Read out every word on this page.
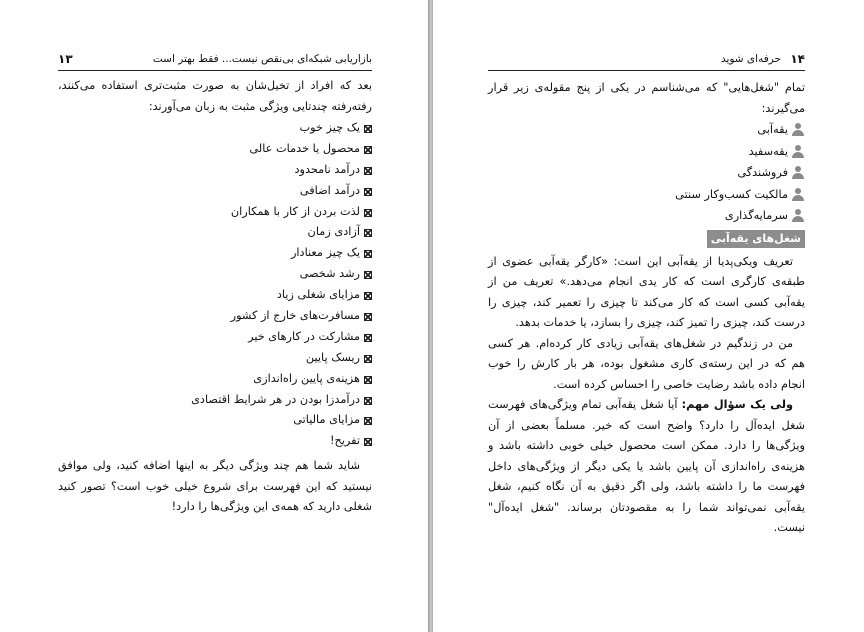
۱۳	بازاریابی شبکه‌ای بی‌نقص نیست... فقط بهتر است

بعد که افراد از تخیل‌شان به صورت مثبت‌تری استفاده می‌کنند، رفته‌رفته چندتایی ویژگی مثبت به زبان می‌آورند:

یک چیز خوب
محصول یا خدمات عالی
درآمد نامحدود
درآمد اضافی
لذت بردن از کار با همکاران
آزادی زمان
یک چیز معنادار
رشد شخصی
مزایای شغلی زیاد
مسافرت‌های خارج از کشور
مشارکت در کارهای خیر
ریسک پایین
هزینه‌ی پایین راه‌اندازی
درآمدزا بودن در هر شرایط اقتصادی
مزایای مالیاتی
تفریح!

شاید شما هم چند ویژگی دیگر به اینها اضافه کنید، ولی موافق نیستید که این فهرست برای شروع خیلی خوب است؟ تصور کنید شغلی دارید که همه‌ی این ویژگی‌ها را دارد!

۱۴
حرفه‌ای شوید

تمام "شغل‌هایی" که می‌شناسم در یکی از پنج مقوله‌ی زیر قرار می‌گیرند:

یقه‌آبی
یقه‌سفید
فروشندگی
مالکیت کسب‌وکار سنتی
سرمایه‌گذاری
شغل‌های یقه‌آبی

تعریف ویکی‌پدیا از یقه‌آبی این است: «کارگر یقه‌آبی عضوی از طبقه‌ی کارگری است که کار یدی انجام می‌دهد.» تعریف من از یقه‌آبی کسی است که کار می‌کند تا چیزی را تعمیر کند، چیزی را درست کند، چیزی را تمیز کند، چیزی را بسازد، یا خدمات بدهد.

من در زندگیم در شغل‌های یقه‌آبی زیادی کار کرده‌ام. هر کسی هم که در این رسته‌ی کاری مشغول بوده، هر بار کارش را خوب انجام داده باشد رضایت خاصی را احساس کرده است.

ولی یک سؤال مهم: آیا شغل یقه‌آبی تمام ویژگی‌های فهرست شغل ایده‌آل را دارد؟ واضح است که خیر. مسلماً بعضی از آن ویژگی‌ها را دارد. ممکن است محصول خیلی خوبی داشته باشد و هزینه‌ی راه‌اندازی آن پایین باشد یا یکی دیگر از ویژگی‌های داخل فهرست ما را داشته باشد، ولی اگر دقیق به آن نگاه کنیم، شغل یقه‌آبی نمی‌تواند شما را به مقصودتان برساند. "شغل ایده‌آل" نیست.
